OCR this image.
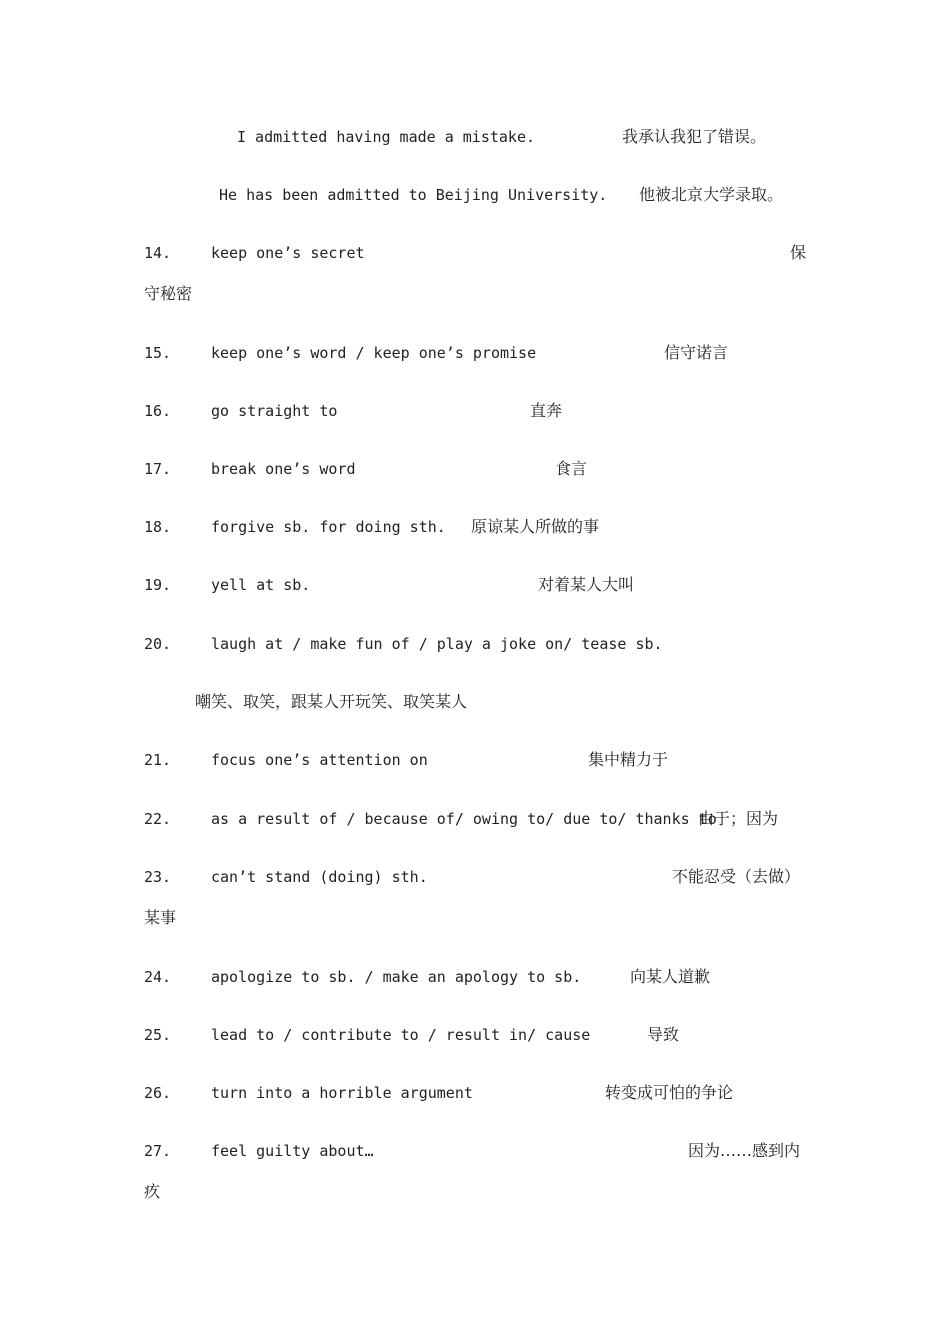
I admitted having made a mistake.	我承认我犯了错误。
He has been admitted to Beijing University. 他被北京大学录取。
14.	keep one’s secret	保
守秘密
15.	keep one’s word / keep one’s promise	信守诺言
16.	go straight to	直奔
17.	break one’s word	食言
18.	forgive sb. for doing sth. 原谅某人所做的事
19.	yell at sb.	对着某人大叫
20.	laugh at / make fun of / play a joke on/ tease sb.
嘲笑、取笑，跟某人开玩笑、取笑某人
21.	focus one’s attention on	集中精力于
22.	as a result of / because of/ owing to/ due to/ thanks to
由于；因为
23.	can’t stand (doing) sth.	不能忍受（去做）
某事
24.	apologize to sb. / make an apology to sb.	向某人道歉
25.	lead to / contribute to / result in/ cause	导致
26.	turn into a horrible argument	转变成可怕的争论
27.	feel guilty about…	因为……感到内
疚
